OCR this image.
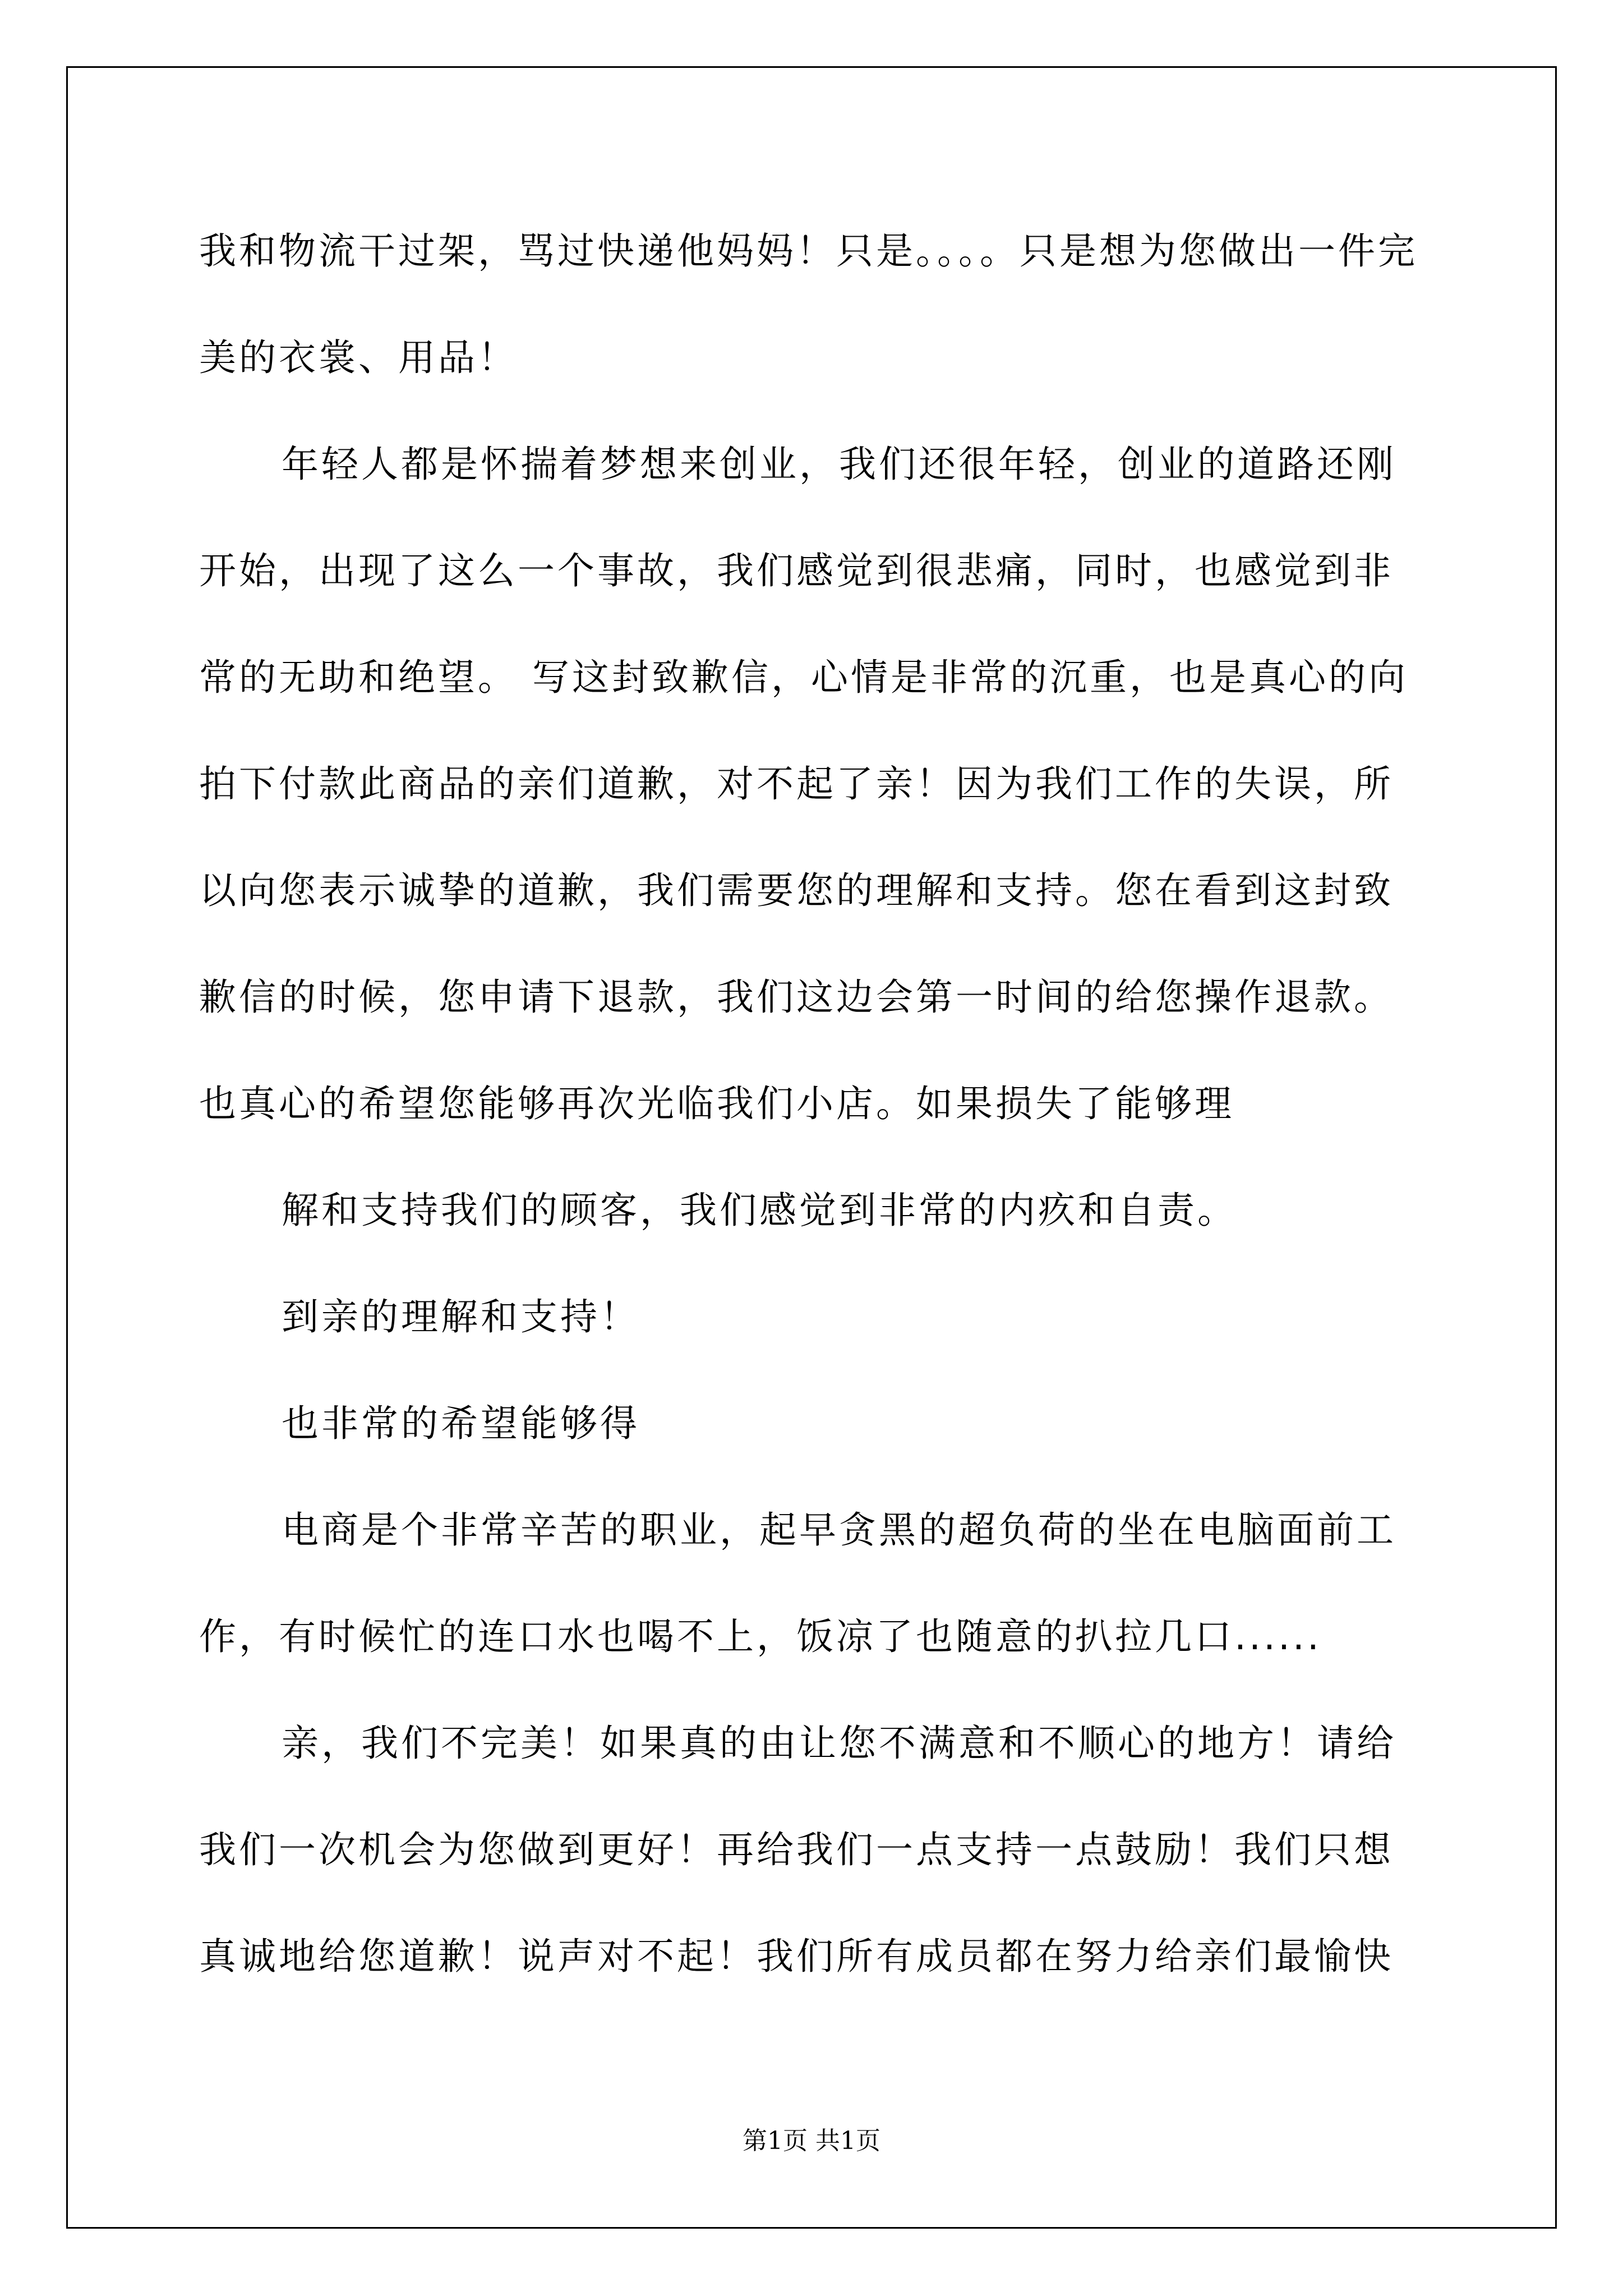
我和物流干过架，骂过快递他妈妈！只是。。。。只是想为您做出一件完
美的衣裳、用品！
年轻人都是怀揣着梦想来创业，我们还很年轻，创业的道路还刚
开始，出现了这么一个事故，我们感觉到很悲痛，同时，也感觉到非
常的无助和绝望。 写这封致歉信，心情是非常的沉重，也是真心的向
拍下付款此商品的亲们道歉，对不起了亲！因为我们工作的失误，所
以向您表示诚挚的道歉，我们需要您的理解和支持。您在看到这封致
歉信的时候，您申请下退款，我们这边会第一时间的给您操作退款。
也真心的希望您能够再次光临我们小店。如果损失了能够理
解和支持我们的顾客，我们感觉到非常的内疚和自责。
到亲的理解和支持！
也非常的希望能够得
电商是个非常辛苦的职业，起早贪黑的超负荷的坐在电脑面前工
作，有时候忙的连口水也喝不上，饭凉了也随意的扒拉几口......
亲，我们不完美！如果真的由让您不满意和不顺心的地方！请给
我们一次机会为您做到更好！再给我们一点支持一点鼓励！我们只想
真诚地给您道歉！说声对不起！我们所有成员都在努力给亲们最愉快
第1页 共1页
